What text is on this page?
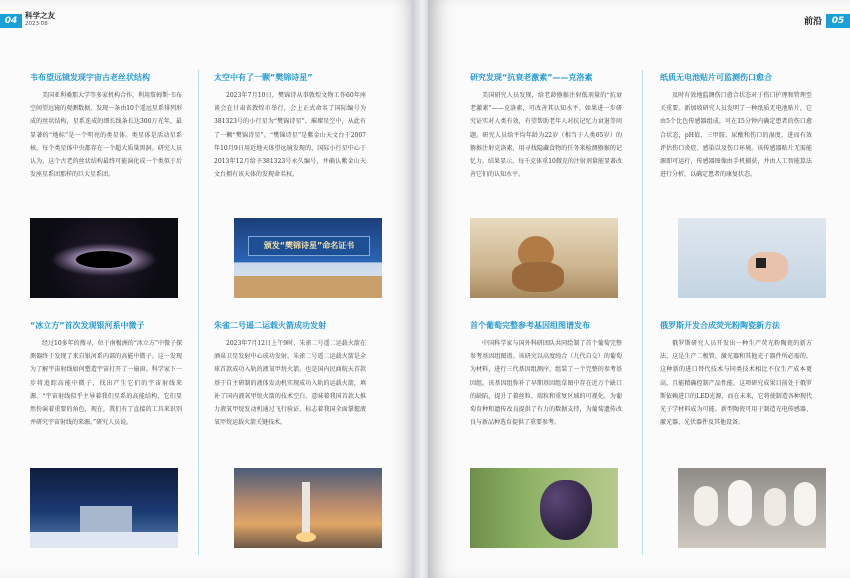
04
科学之友
2023·08
韦布望远镜发现宇宙古老丝状结构

美国亚利桑那大学等多家机构合作，利用詹姆斯·韦布空间望远镜的观测数据，发现一条由10个遥远星系排列形成的丝状结构，星系连成的细长线条长达300万光年，最显著的“地标”是一个明亮的类星体。类星体是活动星系核，每个类星体中央都存在一个超大质量黑洞。研究人员认为，这个古老的丝状结构最终可能演化成一个类似于后发座星系团那样的巨大星系团。

太空中有了一颗“樊锦诗星”

2023年7月10日，樊锦诗从事敦煌文物工作60年座谈会在甘肃省敦煌市举行，会上正式命名了国际编号为381323号的小行星为“樊锦诗星”。璀璨星空中，从此有了一颗“樊锦诗星”。“樊锦诗星”是紫金山天文台于2007年10月9日用近地天体望远镜发现的，国际小行星中心于2013年12月给予381323号永久编号，并确认紫金山天文台拥有该天体的发现命名权。

颁发“樊锦诗星”命名证书
“冰立方”首次发现银河系中微子

经过10多年的搜寻，位于南极洲的“冰立方”中微子探测器终于发现了来自银河系内部的高能中微子。这一发现为了解宇宙射线如何塑造宇宙打开了一扇窗。科学家下一步将追踪高能中微子，找出产生它们的宇宙射线来源。“宇宙射线似乎主导着我们星系的高能结构，它们显然扮演着重要的角色，现在，我们有了直接的工具来识别并研究宇宙射线的来源。”研究人员说。

朱雀二号遥二运载火箭成功发射

2023年7月12日上午9时，朱雀二号遥二运载火箭在酒泉卫星发射中心成功发射。朱雀二号遥二运载火箭是全球首款成功入轨的液氧甲烷火箭，也是国内民商航天首款基于自主研制的液体发动机实现成功入轨的运载火箭，填补了国内液氧甲烷火箭的技术空白。意味着我国首款大推力液氧甲烷发动机通过飞行验证，标志着我国全面掌握液氧甲烷运载火箭关键技术。

前沿	05
研究发现“抗衰老激素”——克洛素

美国研究人员发现，给老龄猕猴注射低剂量的“抗衰老激素”——克洛素，可改善其认知水平。如果进一步研究证实对人类有效，有望帮助老年人对抗记忆力衰退等问题。研究人员给平均年龄为22岁（相当于人类65岁）的猕猴注射克洛素，用寻找隐藏食物的任务来检测猕猴的记忆力。结果显示，每千克体重10微克的注射剂量能显著改善它们的认知水平。

纸质无电池贴片可监测伤口愈合

及时有效地监测伤口愈合状态对于伤口护理和管理至关重要。新加坡研究人员发明了一种纸质无电池贴片，它由5个比色传感器组成，可在15分钟内确定患者的伤口愈合状态，pH值、三甲胺、尿酸和伤口的湿度，进而有效评估伤口炎症、感染以及伤口环境。该传感器贴片无需能源即可运行，传感器图像由手机捕获，并由人工智能算法进行分析，以确定患者的康复状态。

首个葡萄完整参考基因组图谱发布

中国科学家与国外科研团队共同绘制了首个葡萄完整参考基因组图谱。该研究以高度纯合（九代自交）的葡萄为材料，进行三代基因组测序，组装了一个完整的参考基因组。该基因组弥补了早期基因组草图中存在近万个缺口的缺陷，提升了着丝粒、端粒和重复区域的可视化，为葡萄育种和遗传改良提供了有力的数据支持，为葡萄遗传改良与新品种选育提供了重要参考。

俄罗斯开发合成荧光粉陶瓷新方法

俄罗斯研究人员开发出一种生产荧光粉陶瓷的新方法，这是生产二极管、激光器和其他光子器件所必需的。这种新的进口替代技术与同类技术相比不仅生产成本更高，且能精确控制产品性能。这项研究成果目前处于俄罗斯依赖进口的LED光源，而在未来，它将使制造各种现代光子学材料成为可能。新型陶瓷可用于制造光电传感器、激光器、光伏器件及其他设备。
